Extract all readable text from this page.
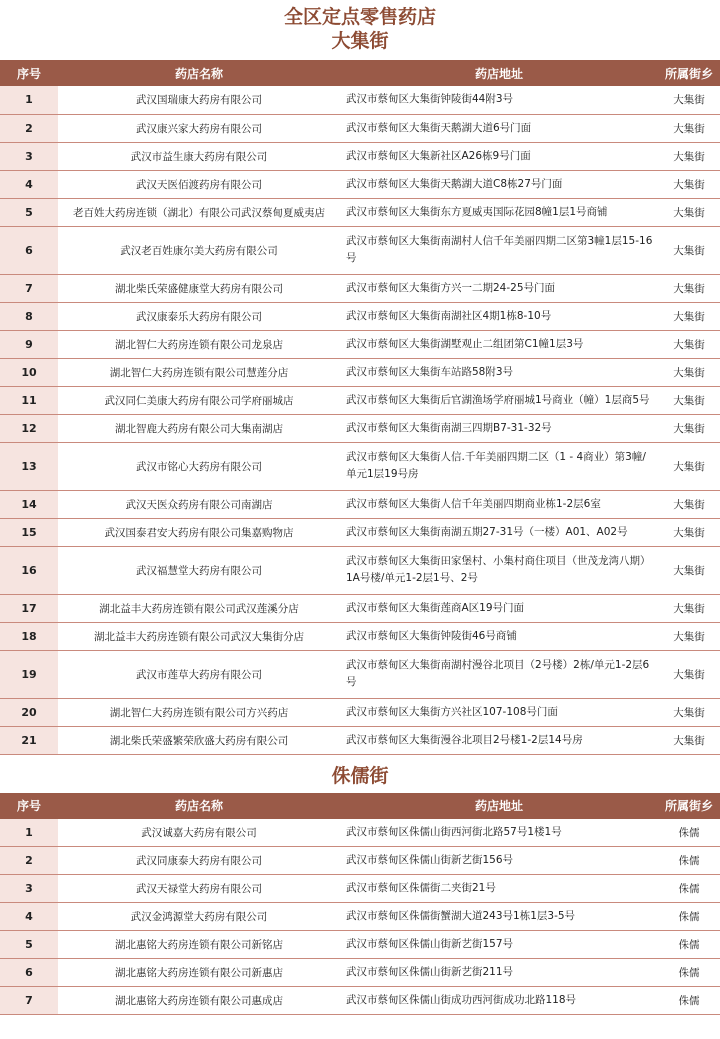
全区定点零售药店
大集街
序号	药店名称	药店地址	所属街乡
1	武汉国瑞康大药房有限公司	武汉市蔡甸区大集街钟陵街44附3号	大集街
2	武汉康兴家大药房有限公司	武汉市蔡甸区大集街天鹅湖大道6号门面	大集街
3	武汉市益生康大药房有限公司	武汉市蔡甸区大集新社区A26栋9号门面	大集街
4	武汉天医佰渡药房有限公司	武汉市蔡甸区大集街天鹅湖大道C8栋27号门面	大集街
5	老百姓大药房连锁（湖北）有限公司武汉蔡甸夏威夷店	武汉市蔡甸区大集街东方夏威夷国际花园8幢1层1号商铺	大集街
6	武汉老百姓康尔美大药房有限公司	武汉市蔡甸区大集街南湖村人信千年美丽四期二区第3幢1层15-16号	大集街
7	湖北柴氏荣盛健康堂大药房有限公司	武汉市蔡甸区大集街方兴一二期24-25号门面	大集街
8	武汉康泰乐大药房有限公司	武汉市蔡甸区大集街南湖社区4期1栋8-10号	大集街
9	湖北智仁大药房连锁有限公司龙泉店	武汉市蔡甸区大集街湖墅观止二组团第C1幢1层3号	大集街
10	湖北智仁大药房连锁有限公司慧莲分店	武汉市蔡甸区大集街车站路58附3号	大集街
11	武汉同仁美康大药房有限公司学府丽城店	武汉市蔡甸区大集街后官湖渔场学府丽城1号商业（幢）1层商5号	大集街
12	湖北智鹿大药房有限公司大集南湖店	武汉市蔡甸区大集街南湖三四期B7-31-32号	大集街
13	武汉市铭心大药房有限公司	武汉市蔡甸区大集街人信.千年美丽四期二区（1 - 4商业）第3幢/单元1层19号房	大集街
14	武汉天医众药房有限公司南湖店	武汉市蔡甸区大集街人信千年美丽四期商业栋1-2层6室	大集街
15	武汉国泰君安大药房有限公司集嘉购物店	武汉市蔡甸区大集街南湖五期27-31号（一楼）A01、A02号	大集街
16	武汉福慧堂大药房有限公司	武汉市蔡甸区大集街田家堡村、小集村商住项目（世茂龙湾八期）1A号楼/单元1-2层1号、2号	大集街
17	湖北益丰大药房连锁有限公司武汉莲溪分店	武汉市蔡甸区大集街莲商A区19号门面	大集街
18	湖北益丰大药房连锁有限公司武汉大集街分店	武汉市蔡甸区大集街钟陵街46号商铺	大集街
19	武汉市莲草大药房有限公司	武汉市蔡甸区大集街南湖村漫谷北项目（2号楼）2栋/单元1-2层6号	大集街
20	湖北智仁大药房连锁有限公司方兴药店	武汉市蔡甸区大集街方兴社区107-108号门面	大集街
21	湖北柴氏荣盛繁荣欣盛大药房有限公司	武汉市蔡甸区大集街漫谷北项目2号楼1-2层14号房	大集街
侏儒街
序号	药店名称	药店地址	所属街乡
1	武汉诚嘉大药房有限公司	武汉市蔡甸区侏儒山街西河街北路57号1楼1号	侏儒
2	武汉同康泰大药房有限公司	武汉市蔡甸区侏儒山街新艺街156号	侏儒
3	武汉天禄堂大药房有限公司	武汉市蔡甸区侏儒街二夹街21号	侏儒
4	武汉金鸿源堂大药房有限公司	武汉市蔡甸区侏儒街蟹湖大道243号1栋1层3-5号	侏儒
5	湖北惠铭大药房连锁有限公司新铭店	武汉市蔡甸区侏儒山街新艺街157号	侏儒
6	湖北惠铭大药房连锁有限公司新惠店	武汉市蔡甸区侏儒山街新艺街211号	侏儒
7	湖北惠铭大药房连锁有限公司惠成店	武汉市蔡甸区侏儒山街成功西河街成功北路118号	侏儒
